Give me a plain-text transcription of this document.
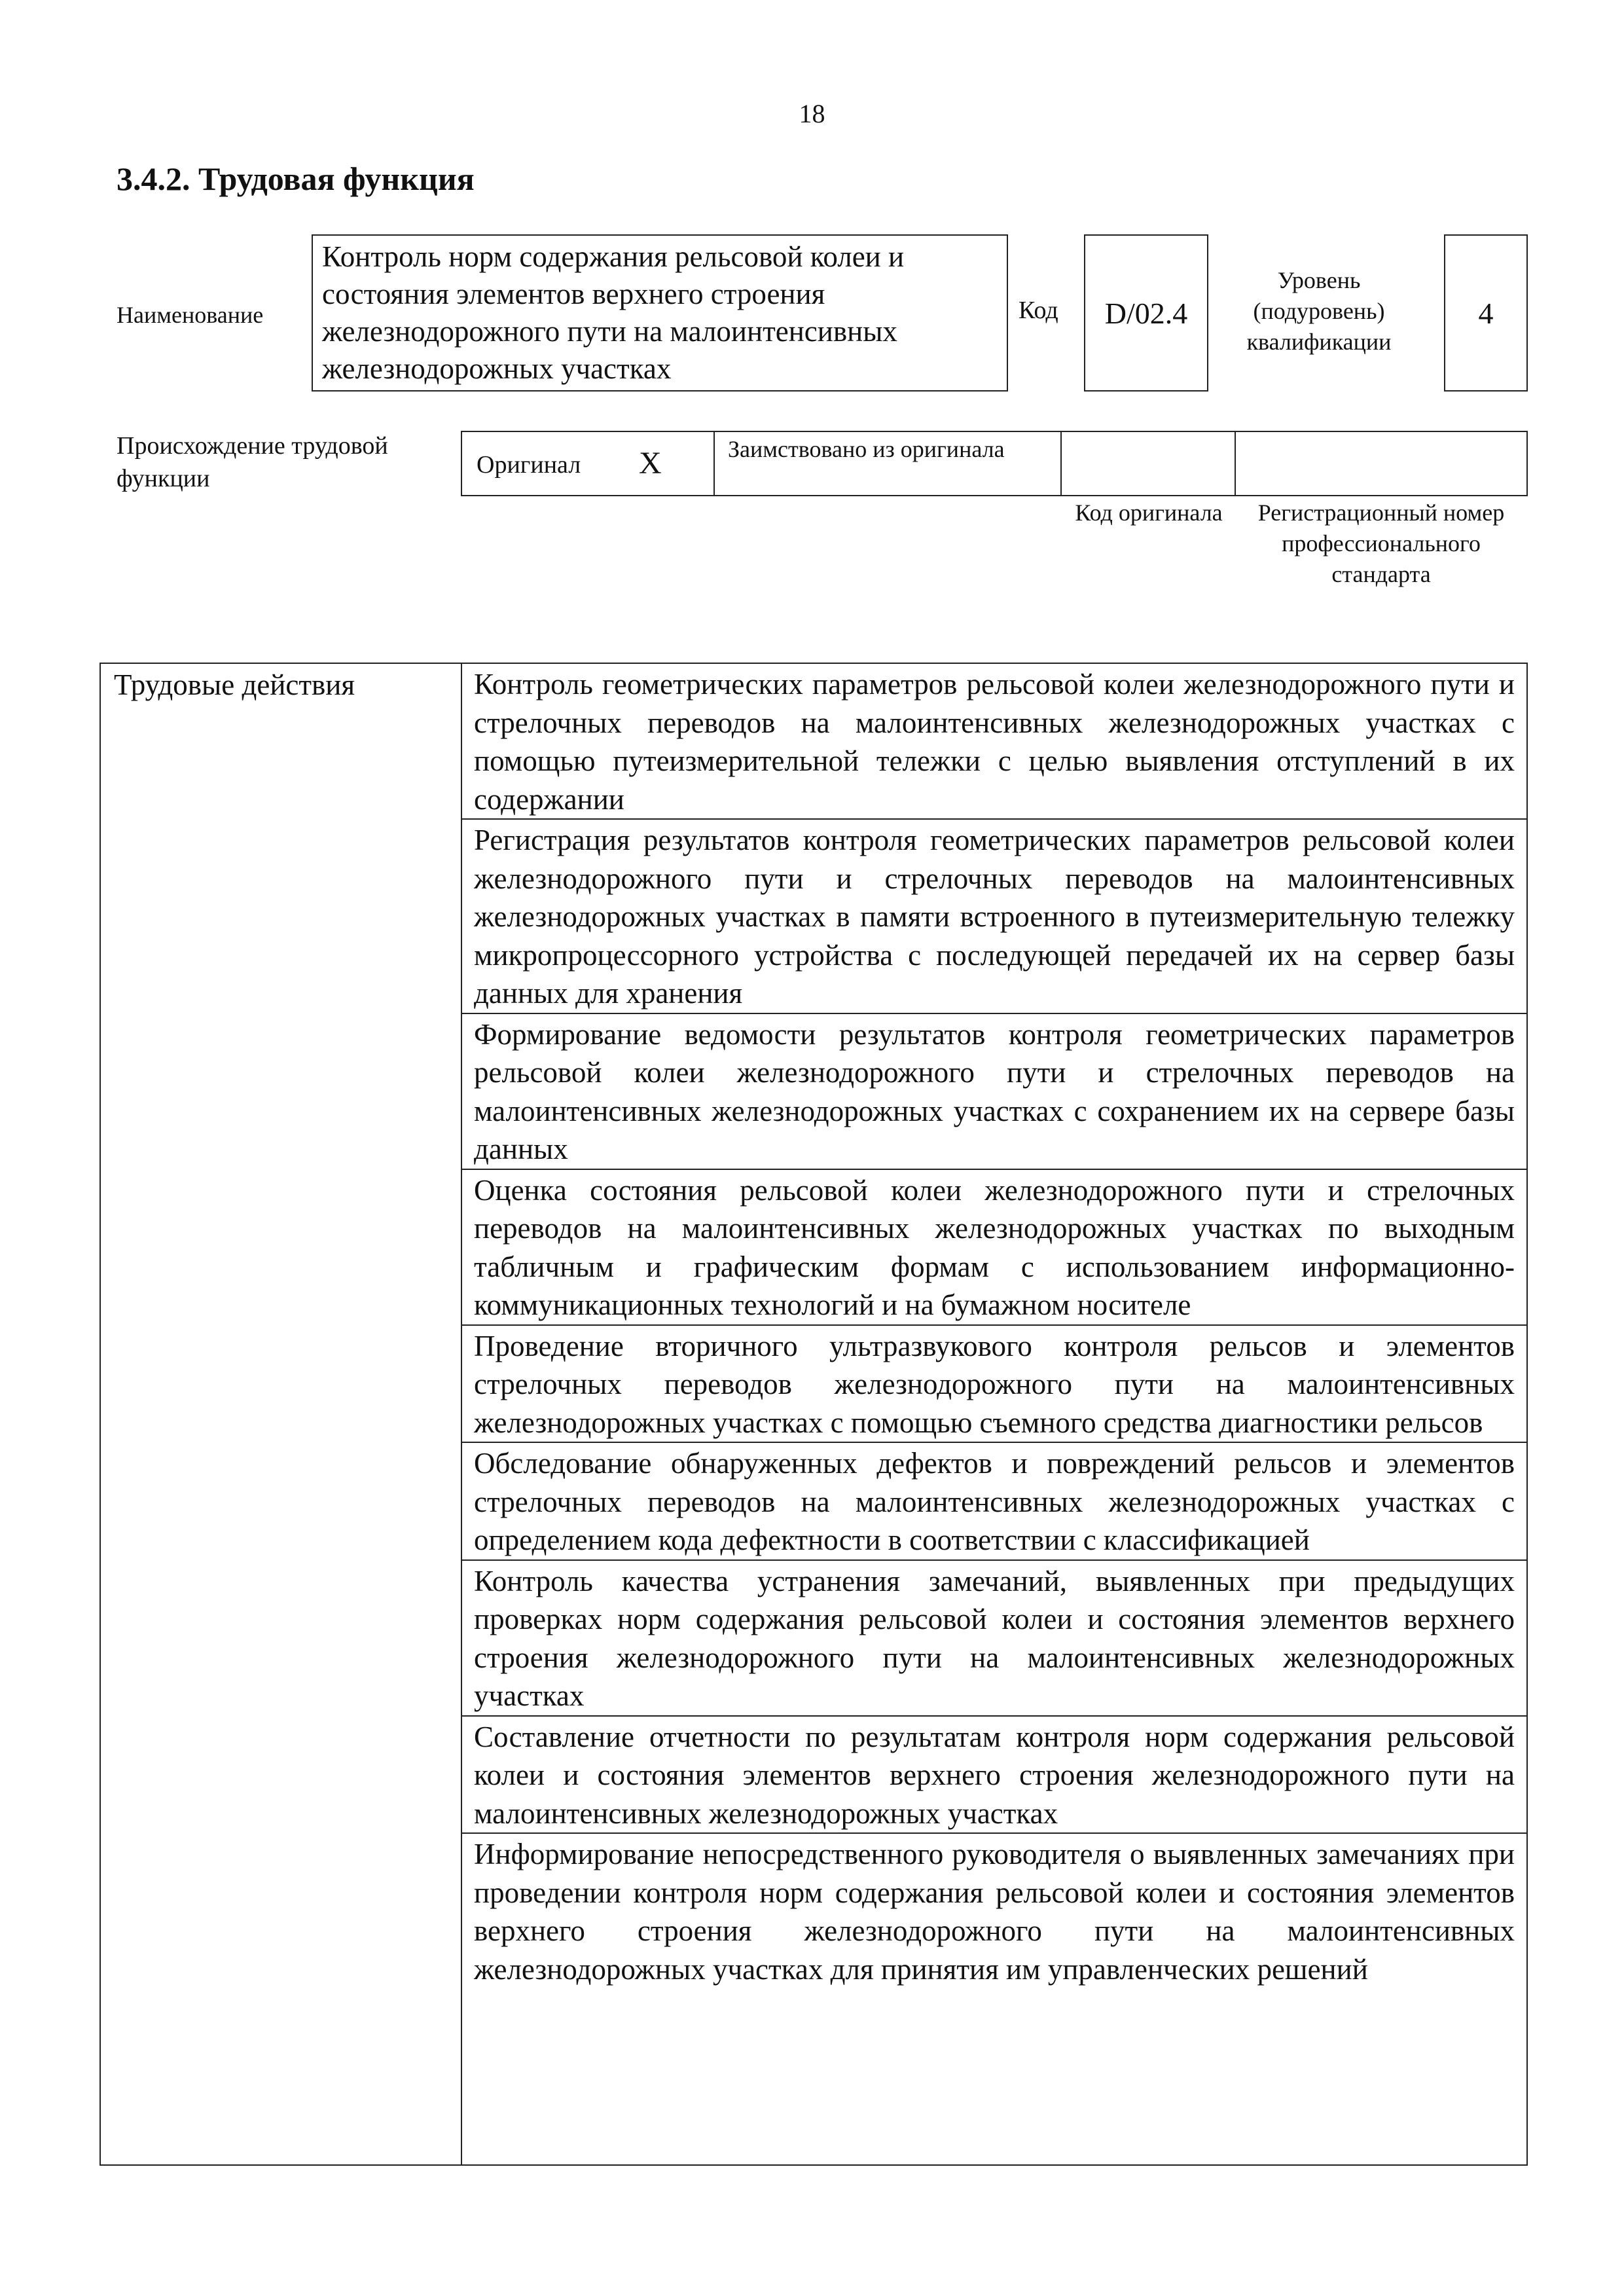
18
3.4.2. Трудовая функция
Наименование
Контроль норм содержания рельсовой колеи и состояния элементов верхнего строения железнодорожного пути на малоинтенсивных железнодорожных участках
Код D/02.4
Уровень (подуровень) квалификации
4
Происхождение трудовой функции	Оригинал X	Заимствовано из оригинала
Код оригинала	Регистрационный номер профессионального стандарта
Трудовые действия	Контроль геометрических параметров рельсовой колеи железнодорожного пути и стрелочных переводов на малоинтенсивных железнодорожных участках с помощью путеизмерительной тележки с целью выявления отступлений в их содержании
Регистрация результатов контроля геометрических параметров рельсовой колеи железнодорожного пути и стрелочных переводов на малоинтенсивных железнодорожных участках в памяти встроенного в путеизмерительную тележку микропроцессорного устройства с последующей передачей их на сервер базы данных для хранения
Формирование ведомости результатов контроля геометрических параметров рельсовой колеи железнодорожного пути и стрелочных переводов на малоинтенсивных железнодорожных участках с сохранением их на сервере базы данных
Оценка состояния рельсовой колеи железнодорожного пути и стрелочных переводов на малоинтенсивных железнодорожных участках по выходным табличным и графическим формам с использованием информационно-коммуникационных технологий и на бумажном носителе
Проведение вторичного ультразвукового контроля рельсов и элементов стрелочных переводов железнодорожного пути на малоинтенсивных железнодорожных участках с помощью съемного средства диагностики рельсов
Обследование обнаруженных дефектов и повреждений рельсов и элементов стрелочных переводов на малоинтенсивных железнодорожных участках с определением кода дефектности в соответствии с классификацией
Контроль качества устранения замечаний, выявленных при предыдущих проверках норм содержания рельсовой колеи и состояния элементов верхнего строения железнодорожного пути на малоинтенсивных железнодорожных участках
Составление отчетности по результатам контроля норм содержания рельсовой колеи и состояния элементов верхнего строения железнодорожного пути на малоинтенсивных железнодорожных участках
Информирование непосредственного руководителя о выявленных замечаниях при проведении контроля норм содержания рельсовой колеи и состояния элементов верхнего строения железнодорожного пути на малоинтенсивных железнодорожных участках для принятия им управленческих решений
